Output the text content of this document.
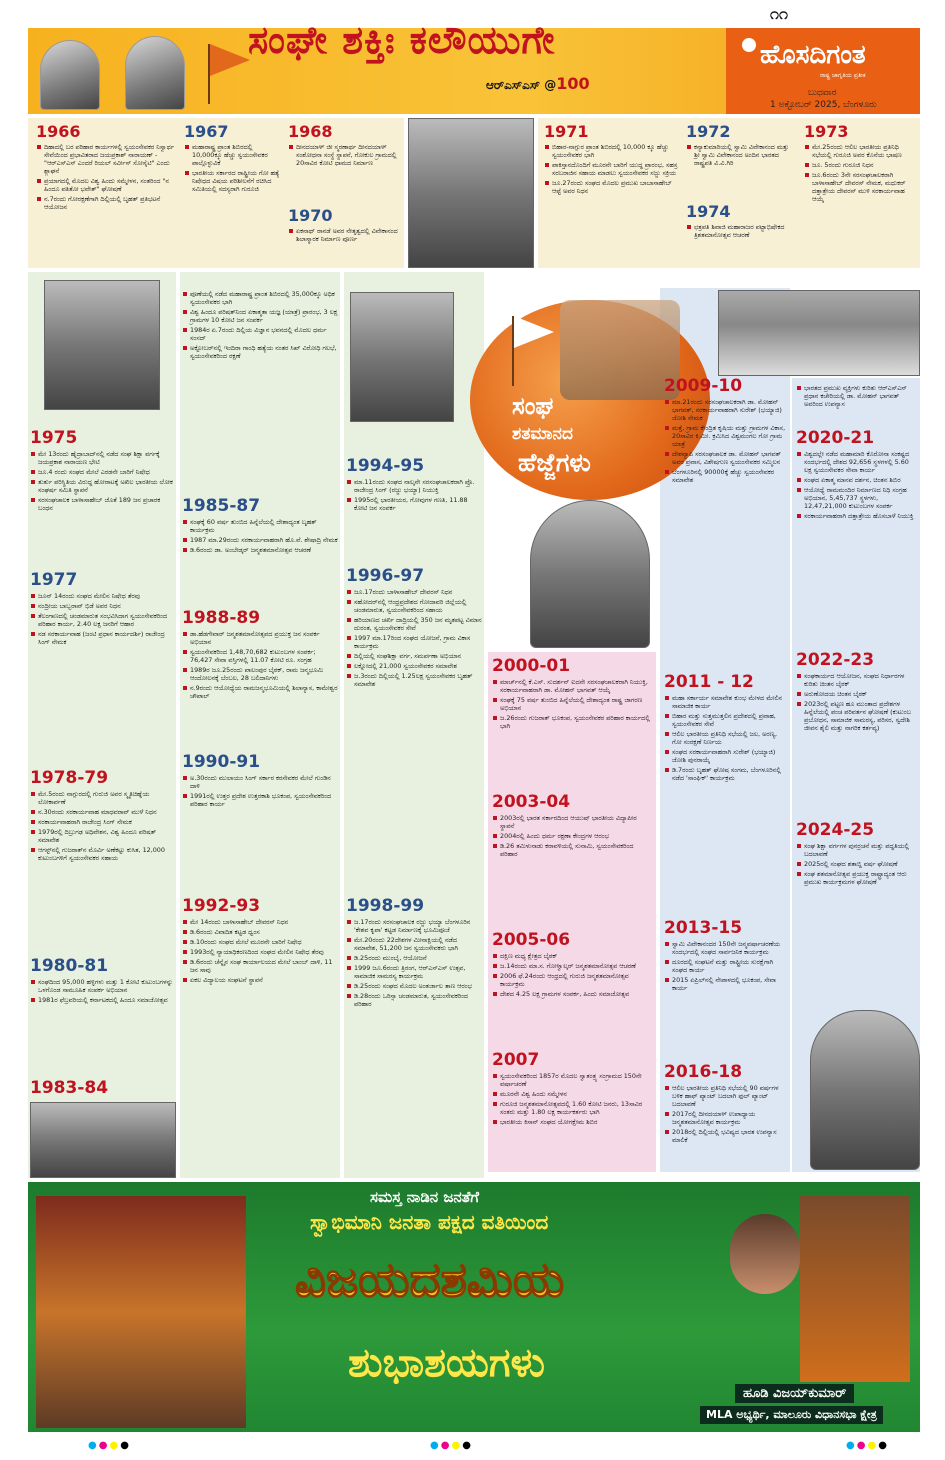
೧೧
ಸಂಘೇ ಶಕ್ತಿಃ ಕಲೌಯುಗೇ
ಆರ್‌ಎಸ್‌ಎಸ್ @100
ಹೊಸದಿಗಂತ
ರಾಷ್ಟ್ರ ಜಾಗೃತಿಯ ಪ್ರತೀಕ
ಬುಧವಾರ
1 ಅಕ್ಟೋಬರ್ 2025, ಬೆಂಗಳೂರು
1966
ದಿಹಾದಲ್ಲಿ ಬರ ಪರಿಹಾರ ಕಾರ್ಯಗಳಲ್ಲಿ ಸ್ವಯಂಸೇವಕರ ನಿಸ್ವಾರ್ಥ ಸೇವೆಯಿಂದ ಪ್ರಭಾವಿತರಾದ ಜಯಪ್ರಕಾಶ್ ನಾರಾಯಣ್ - "ಆರ್‌ಎಸ್‌ಎಸ್ ಎಂದರೆ ರಿಯಲ್ ಸರ್ವೀಸ್ ಸೋಸೈಟಿ" ಎಂದು ಶ್ಲಾಘನೆ
ಪ್ರಯಾಗದಲ್ಲಿ ಮೊದಲ ವಿಶ್ವ ಹಿಂದು ಸಮ್ಮೇಳನ, ಸಂತರಿಂದ "ನ ಹಿಂದೂ ಪತಿತೋ ಭವೇತ್" ಘೋಷಣೆ
ನ.7ರಂದು ಗೋರಕ್ಷಣೆಗಾಗಿ ದಿಲ್ಲಿಯಲ್ಲಿ ಬೃಹತ್ ಪ್ರತಿಭಟನೆ ಆಯೋಜನ
1967
ಮಹಾರಾಷ್ಟ್ರ ಪ್ರಾಂತ ಶಿಬಿರದಲ್ಲಿ 10,000ಕ್ಕೂ ಹೆಚ್ಚು ಸ್ವಯಂಸೇವಕರ ಪಾಲ್ಗೊಳ್ಳುವಿಕೆ
ಭಾರತೀಯ ಸರ್ಕಾರದ ರಾಷ್ಟ್ರೀಯ ಗೋ ಹತ್ಯೆ ನಿಷೇಧದ ವಿಷಯ ಪರಿಶೀಲನೆಗೆ ರಚಿಸಿದ ಸಮಿತಿಯಲ್ಲಿ ಸದಸ್ಯರಾಗಿ ಗುರೂಜಿ
1968
ದೀನದಯಾಳ್ ಜೀ ಸ್ಮರಣಾರ್ಥ ದೀನದಯಾಳ್ ಸಂಶೋಧನಾ ಸಂಸ್ಥೆ ಸ್ಥಾಪನೆ, ಗೋಕುಲ ಗ್ರಾಮದಲ್ಲಿ 20ಸಾವಿರ ಕೋಟಿ ಧಾಮದ ನಿರ್ಮಾಣ
1970
ಏಕನಾಥ್ ರಾನಡೆ ಅವರ ನೇತೃತ್ವದಲ್ಲಿ ವಿವೇಕಾನಂದ ಶಿಲಾಸ್ಮಾರಕ ನಿರ್ಮಾಣ ಪೂರ್ಣ
1971
ಬಿಹಾರ-ನಾಗ್ಪುರ ಪ್ರಾಂತ ಶಿಬಿರದಲ್ಲಿ 10,000 ಕ್ಕೂ ಹೆಚ್ಚು ಸ್ವಯಂಸೇವಕರ ಭಾಗಿ
ಪಾಕಿಸ್ತಾನದೊಂದಿಗೆ ಮೂರನೇ ಬಾರಿಗೆ ಯುದ್ಧ ಪ್ರಾರಂಭ, ಸಹಸ್ರ ಸರಬರಾಜಿನ ಸಹಾಯ ಮಾಡಲು ಸ್ವಯಂಸೇವಕರ ಸಜ್ಜು ಸಕ್ರಿಯ
ಜೂ.27ರಂದು ಸಂಘದ ಮೊದಲ ಪ್ರಮುಖ ಬಾಬಾಸಾಹೇಬ್ ಆಪ್ಟೆ ಅವರ ನಿಧನ
1972
ಕನ್ಯಾಕುಮಾರಿಯಲ್ಲಿ ಸ್ವಾಮಿ ವಿವೇಕಾನಂದ ಮತ್ತು ಶ್ರೀ ಸ್ವಾಮಿ ವಿವೇಕಾನಂದ ಅಂದಿನ ಭಾರತದ ರಾಷ್ಟ್ರಪತಿ ವಿ.ವಿ.ಗಿರಿ
1974
ಛತ್ರಪತಿ ಶಿವಾಜಿ ಮಹಾರಾಜರ ಪಟ್ಟಾಭಿಷೇಕದ ತ್ರಿಶತಮಾನೋತ್ಸವ ಆಚರಣೆ
1973
ಮೇ.25ರಂದು ಆಲಿಲ ಭಾರತೀಯ ಪ್ರತಿನಿಧಿ ಸಭೆಯಲ್ಲಿ ಗುರೂಜಿ ಅವರ ಕೊನೆಯ ಭಾಷಣ
ಜೂ. 5ರಂದು ಗುರೂಜಿ ನಿಧನ
ಜೂ.6ರಂದು 3ನೇ ಸರಸಂಘಚಾಲಕರಾಗಿ ಬಾಳಾಸಾಹೇಬ್ ದೇವರಸ್ ನೇಮಕ, ಮಧುಕರ್ ದತ್ತಾತ್ರೇಯ ದೇವರಸ್ ಮುಳಿ ಸರಕಾರ್ಯವಾಹ ಆಯ್ಕೆ
ಸಂಘ
ಶತಮಾನದ
ಹೆಜ್ಜೆಗಳು
1975
ಮೇ 13ರಂದು ಹೈದ್ರಾಬಾದ್‌ನಲ್ಲಿ ನಡೆದ ಸಂಘ ಶಿಕ್ಷಾ ವರ್ಗಕ್ಕೆ ಜಯಪ್ರಕಾಶ ನಾರಾಯಣ ಭೇಟಿ
ಜೂ.4 ರಂದು ಸಂಘದ ಮೇಲೆ ಎರಡನೇ ಬಾರಿಗೆ ನಿಷೇಧ
ತುರ್ತು ಪರಿಸ್ಥಿತಿಯ ವಿರುದ್ಧ ಹೋರಾಟಕ್ಕೆ ಅಖಿಲ ಭಾರತೀಯ ಲೋಕ ಸಂಘರ್ಷ ಸಮಿತಿ ಸ್ಥಾಪನೆ
ಸರಸಂಘಚಾಲಕ ಬಾಳಾಸಾಹೇಬ್ ಜೊತೆ 189 ಜನ ಪ್ರಚಾರಕ ಬಂಧನ
1977
ಜೂನ್ 14ರಂದು ಸಂಘದ ಮೇಲಿನ ನಿಷೇಧ ತೆರವು
ನಂದ್ರೀಯ ಬಾಬ್ಬರಾವ್ ಭಿಡೆ ಅವರ ನಿಧನ
ತೆಲಂಗಾಣದಲ್ಲಿ ಚಂಡಮಾರುತ ಸಂಭವಿಸಿದಾಗ ಸ್ವಯಂಸೇವಕರಿಂದ ಪರಿಹಾರ ಕಾರ್ಯ, 2.40 ಲಕ್ಷ ಜನರಿಗೆ ಆಹಾರ
ನಡ ಸರಕಾರ್ಯವಾಹ (ಜಂಟಿ ಪ್ರಧಾನ ಕಾರ್ಯದರ್ಶಿ) ರಾಜೇಂದ್ರ ಸಿಂಗ್ ನೇಮಕ
1978-79
ಮೇ.5ರಂದು ನಾಗ್ಪುರದಲ್ಲಿ ಗುರುಜಿ ಅವರ ಸ್ಮೃತಿಚಿಹ್ನೆಯ ಲೋಕಾರ್ಪಣೆ
ನ.30ರಂದು ಸರಕಾರ್ಯವಾಹ ಮಾಧವರಾವ್ ಮುಳೆ ನಿಧನ
ಸರಕಾರ್ಯವಾಹರಾಗಿ ರಾಜೇಂದ್ರ ಸಿಂಗ್ ನೇಮಕ
1979ರಲ್ಲಿ ದಿಬ್ರುಗಢ ಅಧಿವೇಶನ, ವಿಶ್ವ ಹಿಂದೂ ಪರಿಷತ್ ಸಮಾವೇಶ
ಆಗಸ್ಟ್‌ನಲ್ಲಿ ಗುಜರಾತ್‌ನ ಮೊರ್ವಿ ಅಣೆಕಟ್ಟು ಕುಸಿತ, 12,000 ಕುಟುಂಬಗಳಿಗೆ ಸ್ವಯಂಸೇವಕರ ಸಹಾಯ
1980-81
ಸಂಘದಿಂದ 95,000 ಹಳ್ಳಿಗಳು ಮತ್ತು 1 ಕೋಟಿ ಕುಟುಂಬಗಳನ್ನು ಒಳಗೊಂಡ ಸಾಮೂಹಿಕ ಸಂಪರ್ಕ ಅಭಿಯಾನ
1981ರ ಫೆಬ್ರವರಿಯಲ್ಲಿ ಕರ್ನಾಟಕದಲ್ಲಿ ಹಿಂದೂ ಸಮಾಜೋತ್ಸವ
1983-84
ಪೂಣೆಯಲ್ಲಿ ನಡೆದ ಮಹಾರಾಷ್ಟ್ರ ಪ್ರಾಂತ ಶಿಬಿರದಲ್ಲಿ 35,000ಕ್ಕೂ ಅಧಿಕ ಸ್ವಯಂಸೇವಕರ ಭಾಗಿ
ವಿಶ್ವ ಹಿಂದೂ ಪರಿಷತ್‌ನಿಂದ ಏಕಾತ್ಮತಾ ಯಜ್ಞ (ಯಾತ್ರೆ) ಪ್ರಾರಂಭ, 3 ಲಕ್ಷ ಗ್ರಾಮಗಳ 10 ಕೋಟಿ ಜನ ಸಂಪರ್ಕ
1984ರ ಏ.7ರಂದು ದಿಲ್ಲಿಯ ವಿಜ್ಞಾನ ಭವನದಲ್ಲಿ ಮೊದಲ ಧರ್ಮ ಸಂಸದ್
ಅಕ್ಟೋಬರ್‌ನಲ್ಲಿ ಇಂದಿರಾ ಗಾಂಧಿ ಹತ್ಯೆಯ ನಂತರ ಸಿಖ್ ವಿರೋಧಿ ಗಲಭೆ, ಸ್ವಯಂಸೇವಕರಿಂದ ರಕ್ಷಣೆ
1985-87
ಸಂಘಕ್ಕೆ 60 ವರ್ಷ ತುಂಬಿದ ಹಿನ್ನೆಲೆಯಲ್ಲಿ ದೇಶಾದ್ಯಂತ ಬೃಹತ್ ಕಾರ್ಯಕ್ರಮ
1987 ಮಾ.29ರಂದು ಸರಕಾರ್ಯವಾಹರಾಗಿ ಹೊ.ವೆ. ಶೇಷಾದ್ರಿ ನೇಮಕ
ಡಿ.6ರಂದು ಡಾ. ಅಂಬೇಡ್ಕರ್ ಜನ್ಮಶತಮಾನೋತ್ಸವ ಆಚರಣೆ
1988-89
ಡಾ.ಹೆಡಗೇವಾರ್ ಜನ್ಮಶತಮಾನೋತ್ಸವದ ಪ್ರಯುಕ್ತ ಜನ ಸಂಪರ್ಕ ಅಭಿಯಾನ
ಸ್ವಯಂಸೇವಕರಿಂದ 1,48,70,682 ಕುಟುಂಬಗಳ ಸಂಪರ್ಕ; 76,427 ಸೇವಾ ವಸ್ತಿಗಳಲ್ಲಿ 11.07 ಕೋಟಿ ರೂ. ಸಂಗ್ರಹ
1989ರ ಜೂ.25ರಂದು ಪಾಲಂಪುರ ಬೈಠಕ್, ರಾಮ ಜನ್ಮಭೂಮಿ ಆಂದೋಲನಕ್ಕೆ ಬೆಂಬಲ, 28 ಬಲಿದಾನಿಗಳು
ನ.9ರಂದು ಆಯೋಧ್ಯೆಯ ರಾಮಜನ್ಮಭೂಮಿಯಲ್ಲಿ ಶಿಲಾನ್ಯಾಸ, ಕಾಮೇಶ್ವರ ಚೌಪಾಲ್
1990-91
ಅ.30ರಂದು ಮುಲಾಯಂ ಸಿಂಗ್ ಸರ್ಕಾರ ಕರಸೇವಕರ ಮೇಲೆ ಗುಂಡಿನ ದಾಳಿ
1991ರಲ್ಲಿ ಉತ್ತರ ಪ್ರದೇಶ ಉತ್ತರಕಾಶಿ ಭೂಕಂಪ, ಸ್ವಯಂಸೇವಕರಿಂದ ಪರಿಹಾರ ಕಾರ್ಯ
1992-93
ಮೇ 14ರಂದು ಬಾಳಾಸಾಹೇಬ್ ದೇವರಸ್ ನಿಧನ
ಡಿ.6ರಂದು ವಿವಾದಿತ ಕಟ್ಟಡ ಧ್ವಂಸ
ಡಿ.10ರಂದು ಸಂಘದ ಮೇಲೆ ಮೂರನೇ ಬಾರಿಗೆ ನಿಷೇಧ
1993ರಲ್ಲಿ ನ್ಯಾಯಾಧಿಕರಣದಿಂದ ಸಂಘದ ಮೇಲಿನ ನಿಷೇಧ ತೆರವು
ಡಿ.6ರಂದು ಚೆನ್ನೈನ ಸಂಘ ಕಾರ್ಯಾಲಯದ ಮೇಲೆ ಬಾಂಬ್ ದಾಳಿ, 11 ಜನ ಸಾವು
ಏಕಲ ವಿದ್ಯಾಲಯ ಸಂಘಟನೆ ಸ್ಥಾಪನೆ
1994-95
ಮಾ.11ರಂದು ಸಂಘದ ನಾಲ್ಕನೇ ಸರಸಂಘಚಾಲಕರಾಗಿ ಪ್ರೊ. ರಾಜೇಂದ್ರ ಸಿಂಗ್ (ರಜ್ಜು ಭಯ್ಯಾ) ನಿಯುಕ್ತಿ
1995ರಲ್ಲಿ ಭಾರತೀಯರ, ಗೋವುಗಳ ಗಣತಿ, 11.88 ಕೋಟಿ ಜನ ಸಂಪರ್ಕ
1996-97
ಜೂ.17ರಂದು ಬಾಳಾಸಾಹೇಬ್ ದೇವರಸ್ ನಿಧನ
ಸಹೋದರ್‌ನಲ್ಲಿ ಆಂಧ್ರಪ್ರದೇಶದ ಗೋದಾವರಿ ಜಿಲ್ಲೆಯಲ್ಲಿ ಚಂಡಮಾರುತ, ಸ್ವಯಂಸೇವಕರಿಂದ ಸಹಾಯ
ಹರಿಯಾಣದ ಚರ್ಖಿ ದಾದ್ರಿಯಲ್ಲಿ 350 ಜನ ಮೃತಪಟ್ಟ ವಿಮಾನ ದುರಂತ, ಸ್ವಯಂಸೇವಕರ ಸೇವೆ
1997 ಮಾ.17ರಿಂದ ಸಂಘದ ಯೋಜನೆ, ಗ್ರಾಮ ವಿಕಾಸ ಕಾರ್ಯಕ್ರಮ
ದಿಲ್ಲಿಯಲ್ಲಿ ಸಂಘಶಿಕ್ಷಾ ವರ್ಗ, ಸಮರ್ಪಣಾ ಅಭಿಯಾನ
ಲಕ್ನೋದಲ್ಲಿ 21,000 ಸ್ವಯಂಸೇವಕರ ಸಮಾವೇಶ
ಜ.3ರಂದು ದಿಲ್ಲಿಯಲ್ಲಿ 1.25ಲಕ್ಷ ಸ್ವಯಂಸೇವಕರ ಬೃಹತ್ ಸಮಾವೇಶ
1998-99
ಜ.17ರಂದು ಸರಸಂಘಚಾಲಕ ರಜ್ಜು ಭಯ್ಯಾ ಬೆಂಗಳೂರಿನ 'ಕೇಶವ ಕೃಪಾ' ಕಟ್ಟಡ ನಿರ್ಮಾಣಕ್ಕೆ ಭೂಮಿಪೂಜೆ
ಮೇ.20ರಂದು 22ದೇಶಗಳ ಮೀನಾಕ್ಷಿಯಲ್ಲಿ ನಡೆದ ಸಮಾವೇಶ, 51,200 ಜನ ಸ್ವಯಂಸೇವಕರು ಭಾಗಿ
ಡಿ.25ರಂದು ಮುಂಬೈ, ಆಯೋಜನೆ
1999 ಜೂ.6ರಂದು ತ್ರಿರಂಗ, ಆರ್‌ಎಸ್‌ಎಸ್ ಉತ್ಸವ, ಸಾಮಾಜಿಕ ಸಾಮರಸ್ಯ ಕಾರ್ಯಕ್ರಮ
ಡಿ.25ರಂದು ಸಂಘದ ಮೊದಲ ಅಂತರ್ಜಾಲ ತಾಣ ಆರಂಭ
ಡಿ.28ರಂದು ಒರಿಸ್ಸಾ ಚಂಡಮಾರುತ, ಸ್ವಯಂಸೇವಕರಿಂದ ಪರಿಹಾರ
2000-01
ಮಾರ್ಚ್‌ನಲ್ಲಿ ಕೆ.ಎಸ್. ಸುದರ್ಶನ್ ಐದನೇ ಸರಸಂಘಚಾಲಕರಾಗಿ ನಿಯುಕ್ತಿ, ಸರಕಾರ್ಯವಾಹರಾಗಿ ಡಾ. ಮೋಹನ್ ಭಾಗವತ್ ಆಯ್ಕೆ
ಸಂಘಕ್ಕೆ 75 ವರ್ಷ ತುಂಬಿದ ಹಿನ್ನೆಲೆಯಲ್ಲಿ ದೇಶಾದ್ಯಂತ ರಾಷ್ಟ್ರ ಜಾಗರಣ ಅಭಿಯಾನ
ಜ.26ರಂದು ಗುಜರಾತ್ ಭೂಕಂಪ, ಸ್ವಯಂಸೇವಕರ ಪರಿಹಾರ ಕಾರ್ಯದಲ್ಲಿ ಭಾಗಿ
2003-04
2003ರಲ್ಲಿ ಭಾರತ ಸರ್ಕಾರದಿಂದ ಆಯುಷ್ ಭಾರತೀಯ ವಿದ್ಯಾಪೀಠ ಸ್ಥಾಪನೆ
2004ರಲ್ಲಿ ಹಿಂದು ಧರ್ಮ ರಕ್ಷಣಾ ಕೇಂದ್ರಗಳ ಆರಂಭ
ಡಿ.26 ತಮಿಳುನಾಡು ಕರಾವಳಿಯಲ್ಲಿ ಸುನಾಮಿ, ಸ್ವಯಂಸೇವಕರಿಂದ ಪರಿಹಾರ
2005-06
ದಕ್ಷಿಣ ಮಧ್ಯ ಕ್ಷೇತ್ರದ ಬೈಠಕ್
ಜ.14ರಂದು ಮಾ.ಸ. ಗೋಳ್ವಾಲ್ಕರ್ ಜನ್ಮಶತಮಾನೋತ್ಸವ ಆಚರಣೆ
2006 ಫೆ.24ರಂದು ಆಂಧ್ರದಲ್ಲಿ ಗುರುಜಿ ಜನ್ಮಶತಮಾನೋತ್ಸವ ಕಾರ್ಯಕ್ರಮ
ದೇಶದ 4.25 ಲಕ್ಷ ಗ್ರಾಮಗಳ ಸಂಪರ್ಕ, ಹಿಂದು ಸಮಾಜೋತ್ಸವ
2007
ಸ್ವಯಂಸೇವಕರಿಂದ 1857ರ ಮೊದಲ ಸ್ವಾತಂತ್ರ್ಯ ಸಂಗ್ರಾಮದ 150ನೇ ವರ್ಷಾಚರಣೆ
ಮೂರನೇ ವಿಶ್ವ ಹಿಂದು ಸಮ್ಮೇಳನ
ಗುರೂಜಿ ಜನ್ಮಶತಮಾನೋತ್ಸವದಲ್ಲಿ 1.60 ಕೋಟಿ ಜನರು, 13ಸಾವಿರ ಸಂತರು ಮತ್ತು 1.80 ಲಕ್ಷ ಕಾರ್ಯಕರ್ತರು ಭಾಗಿ
ಭಾರತೀಯ ಕಿಸಾನ್ ಸಂಘದ ಯೋಗಕ್ಷೇಮ ಶಿಬಿರ
2009-10
ಮಾ.21ರಂದು ಸರಸಂಘಚಾಲಕರಾಗಿ ಡಾ. ಮೋಹನ್ ಭಾಗವತ್, ಸರಕಾರ್ಯವಾಹರಾಗಿ ಸುರೇಶ್ (ಭಯ್ಯಾಜಿ) ಜೋಶಿ ನೇಮಕ
ಮತ್ತೆ, ಗ್ರಾಮ ಕೇಂದ್ರಿತ ಕೃಷಿಯ ಮತ್ತು ಗ್ರಾಮಗಳ ವಿಕಾಸ, 20ಸಾವಿರ ಕಿ.ಮೀ. ಕ್ರಮಿಸಿದ ವಿಶ್ವಮಂಗಲ ಗೋ ಗ್ರಾಮ ಯಾತ್ರೆ
ದೇಶವ್ಯಾಪಿ ಸರಸಂಘಚಾಲಕ ಡಾ. ಮೋಹನ್ ಭಾಗವತ್ ಅವರ ಪ್ರವಾಸ, ವಿಶೇಷಗುಣ ಸ್ವಯಂಸೇವಕರ ಸಮ್ಮಿಲನ
ಬೆಂಗಳೂರಿನಲ್ಲಿ 90000ಕ್ಕೆ ಹೆಚ್ಚು ಸ್ವಯಂಸೇವಕರ ಸಮಾವೇಶ
2011 - 12
ಮಹಾ ಸರ್ಕಾರ್ಯ ಸಮಾವೇಶ ಕುಂಭ ಮೇಳದ ಮೇಲಿನ ಸಾಮಾಜಿಕ ಕಾರ್ಯ
ಬಿಹಾರ ಮತ್ತು ಸುತ್ತಮುತ್ತಲಿನ ಪ್ರದೇಶದಲ್ಲಿ ಪ್ರವಾಹ, ಸ್ವಯಂಸೇವಕರ ಸೇವೆ
ಆಲಿಲ ಭಾರತೀಯ ಪ್ರತಿನಿಧಿ ಸಭೆಯಲ್ಲಿ ಜಲ, ಅರಣ್ಯ, ಗೋ ಸಂರಕ್ಷಣೆ ನಿರ್ಣಯ
ಸಂಘದ ಸರಕಾರ್ಯವಾಹರಾಗಿ ಸುರೇಶ್ (ಭಯ್ಯಾಜಿ) ಜೋಶಿ ಪುನರಾಯ್ಕೆ
ಡಿ.7ರಂದು ಬೃಹತ್ ಘೋಷ ಸಂಗಮ, ಬೆಂಗಳೂರಿನಲ್ಲಿ ನಡೆದ 'ಸಾಂಘಿಕ್' ಕಾರ್ಯಕ್ರಮ
2013-15
ಸ್ವಾಮಿ ವಿವೇಕಾನಂದರ 150ನೇ ಜನ್ಮವರ್ಷಾಚರಣೆಯ ಸಂದರ್ಭದಲ್ಲಿ ಸಂಘದ ಸಾರ್ವಜನಿಕ ಕಾರ್ಯಕ್ರಮ
ದೂರದಲ್ಲಿ ಸಂಘಟನೆ ಮತ್ತು ರಾಷ್ಟ್ರೀಯ ಸುರಕ್ಷೆಗಾಗಿ ಸಂಘದ ಕಾರ್ಯ
2015 ಏಪ್ರಿಲ್‌ನಲ್ಲಿ ನೇಪಾಳದಲ್ಲಿ ಭೂಕಂಪ, ಸೇವಾ ಕಾರ್ಯ
2016-18
ಆಲಿಲ ಭಾರತೀಯ ಪ್ರತಿನಿಧಿ ಸಭೆಯಲ್ಲಿ 90 ವರ್ಷಗಳ ಬಳಿಕ ಹಾಫ್ ಪ್ಯಾಂಟ್ ಬದಲಾಗಿ ಫುಲ್ ಪ್ಯಾಂಟ್ ಬದಲಾವಣೆ
2017ರಲ್ಲಿ ದೀನದಯಾಳ್ ಉಪಾಧ್ಯಾಯ ಜನ್ಮಶತಮಾನೋತ್ಸವ ಕಾರ್ಯಕ್ರಮ
2018ರಲ್ಲಿ ದಿಲ್ಲಿಯಲ್ಲಿ ಭವಿಷ್ಯದ ಭಾರತ ಉಪನ್ಯಾಸ ಮಾಲಿಕೆ
ಭಾರತದ ಪ್ರಮುಖ ವ್ಯಕ್ತಿಗಳು ಕುರಿತು ಆರ್‌ಎಸ್‌ಎಸ್ ಪ್ರಧಾನ ಕಚೇರಿಯಲ್ಲಿ ಡಾ. ಮೋಹನ್ ಭಾಗವತ್ ಅವರಿಂದ ಉಪನ್ಯಾಸ
2020-21
ವಿಶ್ವದಲ್ಲೇ ನಡೆದ ಮಹಾಮಾರಿ ಕೊರೋನಾ ಸಂಕಷ್ಟದ ಸಂದರ್ಭದಲ್ಲಿ ದೇಶದ 92,656 ಸ್ಥಳಗಳಲ್ಲಿ 5.60 ಲಕ್ಷ ಸ್ವಯಂಸೇವಕರ ಸೇವಾ ಕಾರ್ಯ
ಸಂಘದ ಏಕಾತ್ಮ ಮಾನವ ದರ್ಶನ, ಚಿಂತನ ಶಿಬಿರ
ಆಯೋಧ್ಯೆ ರಾಮಮಂದಿರ ನಿರ್ಮಾಣದ ನಿಧಿ ಸಂಗ್ರಹ ಅಭಿಯಾನ, 5,45,737 ಸ್ಥಳಗಳು, 12,47,21,000 ಕುಟುಂಬಗಳ ಸಂಪರ್ಕ
ಸರಕಾರ್ಯವಾಹರಾಗಿ ದತ್ತಾತ್ರೇಯ ಹೊಸಬಾಳೆ ನಿಯುಕ್ತಿ
2022-23
ಸಂಘಕಾರ್ಯದ ಆಯೋಜನ, ಸಂಘದ ನಿರ್ಧಾರಗಳ ಕುರಿತು ಚಿಂತನ ಬೈಠಕ್
ಅರುಣೋದಯ ಚಿಂತನ ಬೈಠಕ್
2023ರಲ್ಲಿ ಪಟ್ಟಣ ಹೂ ಮುಂತಾದ ಪ್ರದೇಶಗಳ ಹಿನ್ನೆಲೆಯಲ್ಲಿ ಪಂಚ ಪರಿವರ್ತನ ಘೋಷಣೆ (ಕುಟುಂಬ ಪ್ರಬೋಧನ, ಸಾಮಾಜಿಕ ಸಾಮರಸ್ಯ, ಪರಿಸರ, ಸ್ವದೇಶಿ ಜೀವನ ಶೈಲಿ ಮತ್ತು ನಾಗರಿಕ ಕರ್ತವ್ಯ)
2024-25
ಸಂಘ ಶಿಕ್ಷಾ ವರ್ಗಗಳ ಪುನರ್ರಚನೆ ಮತ್ತು ಪದ್ಧತಿಯಲ್ಲಿ ಬದಲಾವಣೆ
2025ರಲ್ಲಿ ಸಂಘದ ಶತಾಬ್ದಿ ವರ್ಷ ಘೋಷಣೆ
ಸಂಘ ಶತಮಾನೋತ್ಸವ ಪ್ರಯುಕ್ತ ರಾಷ್ಟ್ರಾದ್ಯಂತ ಆರು ಪ್ರಮುಖ ಕಾರ್ಯಕ್ರಮಗಳ ಘೋಷಣೆ
ಸಮಸ್ತ ನಾಡಿನ ಜನತೆಗೆ
ಸ್ವಾಭಿಮಾನಿ ಜನತಾ ಪಕ್ಷದ ವತಿಯಿಂದ
ವಿಜಯದಶಮಿಯ
ಶುಭಾಶಯಗಳು
ಹೂಡಿ ವಿಜಯ್‌ಕುಮಾರ್
MLA ಅಭ್ಯರ್ಥಿ, ಮಾಲೂರು ವಿಧಾನಸಭಾ ಕ್ಷೇತ್ರ
●●●●	●●●●	●●●●
